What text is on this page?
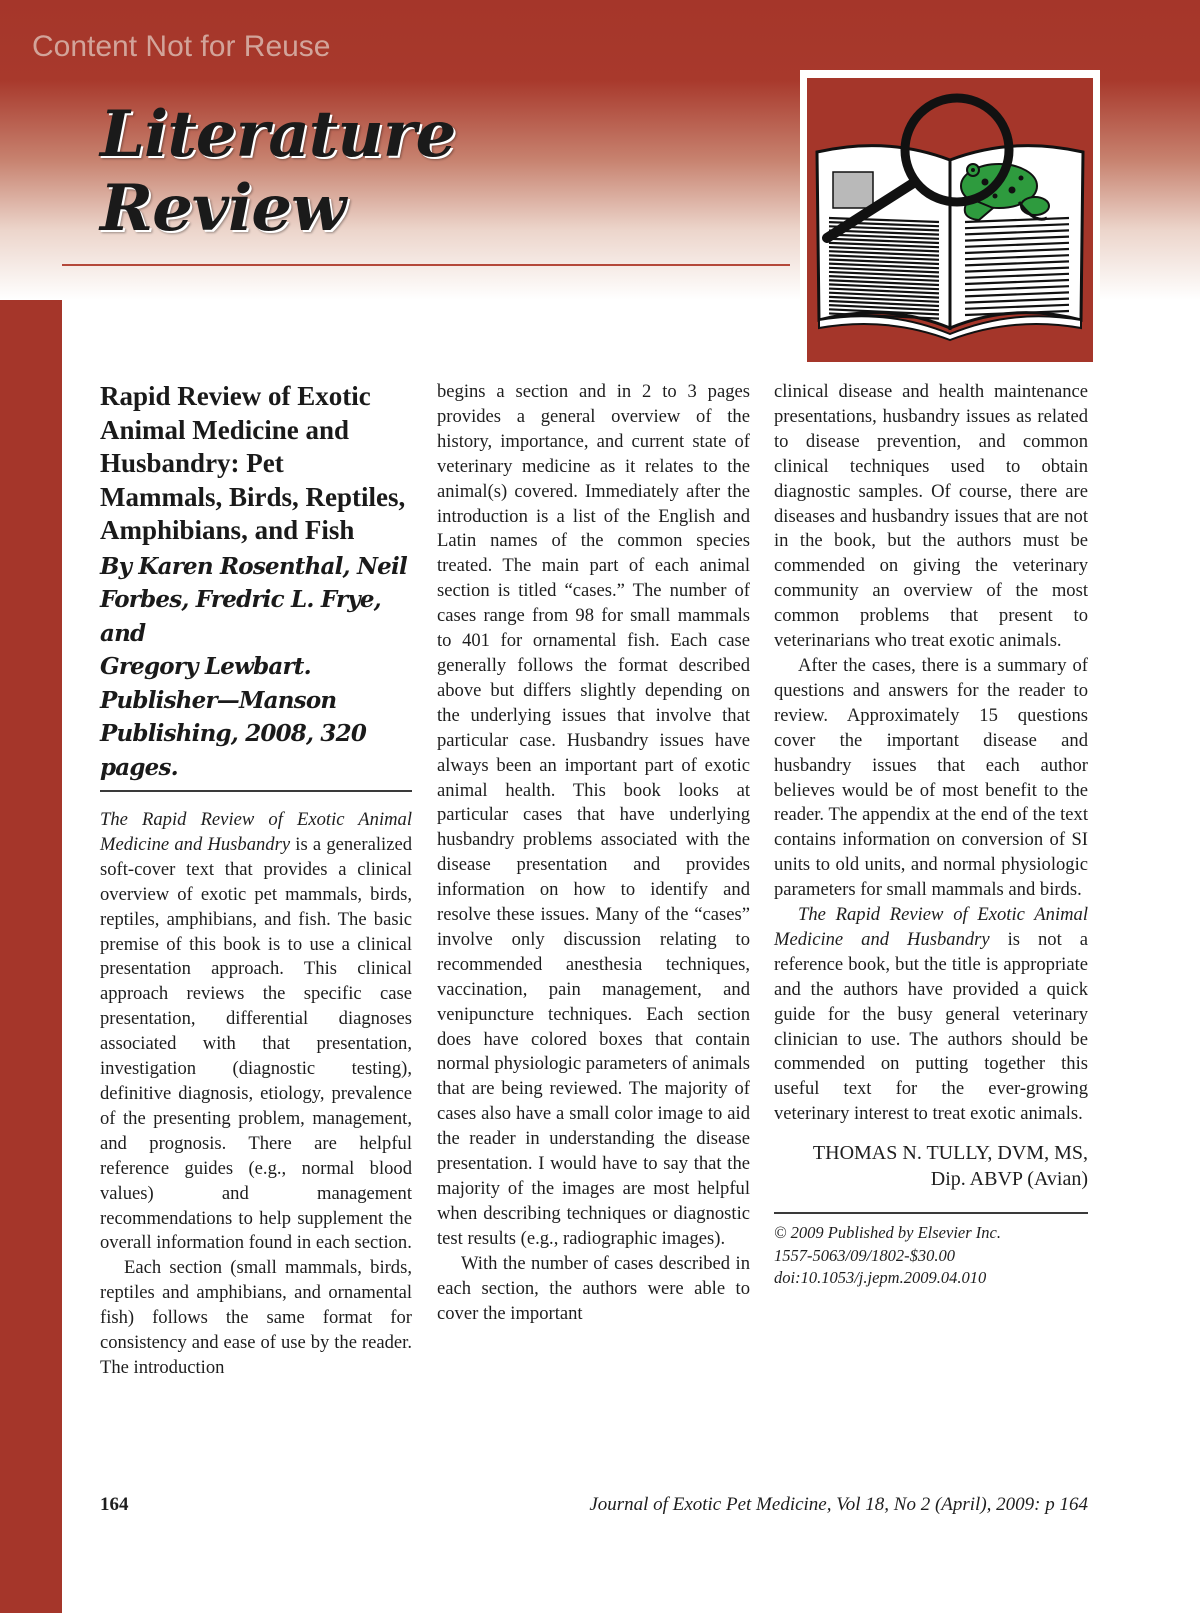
Content Not for Reuse
Literature
Review
Rapid Review of Exotic Animal Medicine and Husbandry: Pet Mammals, Birds, Reptiles, Amphibians, and Fish
By Karen Rosenthal, Neil
Forbes, Fredric L. Frye, and
Gregory Lewbart.
Publisher—Manson
Publishing, 2008, 320
pages.

The Rapid Review of Exotic Animal Medicine and Husbandry is a generalized soft-cover text that provides a clinical overview of exotic pet mammals, birds, reptiles, amphibians, and fish. The basic premise of this book is to use a clinical presentation approach. This clinical approach reviews the specific case presentation, differential diagnoses associated with that presentation, investigation (diagnostic testing), definitive diagnosis, etiology, prevalence of the presenting problem, management, and prognosis. There are helpful reference guides (e.g., normal blood values) and management recommendations to help supplement the overall information found in each section.

Each section (small mammals, birds, reptiles and amphibians, and ornamental fish) follows the same format for consistency and ease of use by the reader. The introduction

begins a section and in 2 to 3 pages provides a general overview of the history, importance, and current state of veterinary medicine as it relates to the animal(s) covered. Immediately after the introduction is a list of the English and Latin names of the common species treated. The main part of each animal section is titled “cases.” The number of cases range from 98 for small mammals to 401 for ornamental fish. Each case generally follows the format described above but differs slightly depending on the underlying issues that involve that particular case. Husbandry issues have always been an important part of exotic animal health. This book looks at particular cases that have underlying husbandry problems associated with the disease presentation and provides information on how to identify and resolve these issues. Many of the “cases” involve only discussion relating to recommended anesthesia techniques, vaccination, pain management, and venipuncture techniques. Each section does have colored boxes that contain normal physiologic parameters of animals that are being reviewed. The majority of cases also have a small color image to aid the reader in understanding the disease presentation. I would have to say that the majority of the images are most helpful when describing techniques or diagnostic test results (e.g., radiographic images).

With the number of cases described in each section, the authors were able to cover the important

clinical disease and health maintenance presentations, husbandry issues as related to disease prevention, and common clinical techniques used to obtain diagnostic samples. Of course, there are diseases and husbandry issues that are not in the book, but the authors must be commended on giving the veterinary community an overview of the most common problems that present to veterinarians who treat exotic animals.

After the cases, there is a summary of questions and answers for the reader to review. Approximately 15 questions cover the important disease and husbandry issues that each author believes would be of most benefit to the reader. The appendix at the end of the text contains information on conversion of SI units to old units, and normal physiologic parameters for small mammals and birds.

The Rapid Review of Exotic Animal Medicine and Husbandry is not a reference book, but the title is appropriate and the authors have provided a quick guide for the busy general veterinary clinician to use. The authors should be commended on putting together this useful text for the ever-growing veterinary interest to treat exotic animals.

THOMAS N. TULLY, DVM, MS,
Dip. ABVP (Avian)
© 2009 Published by Elsevier Inc.
1557-5063/09/1802-$30.00
doi:10.1053/j.jepm.2009.04.010
164	Journal of Exotic Pet Medicine, Vol 18, No 2 (April), 2009: p 164
